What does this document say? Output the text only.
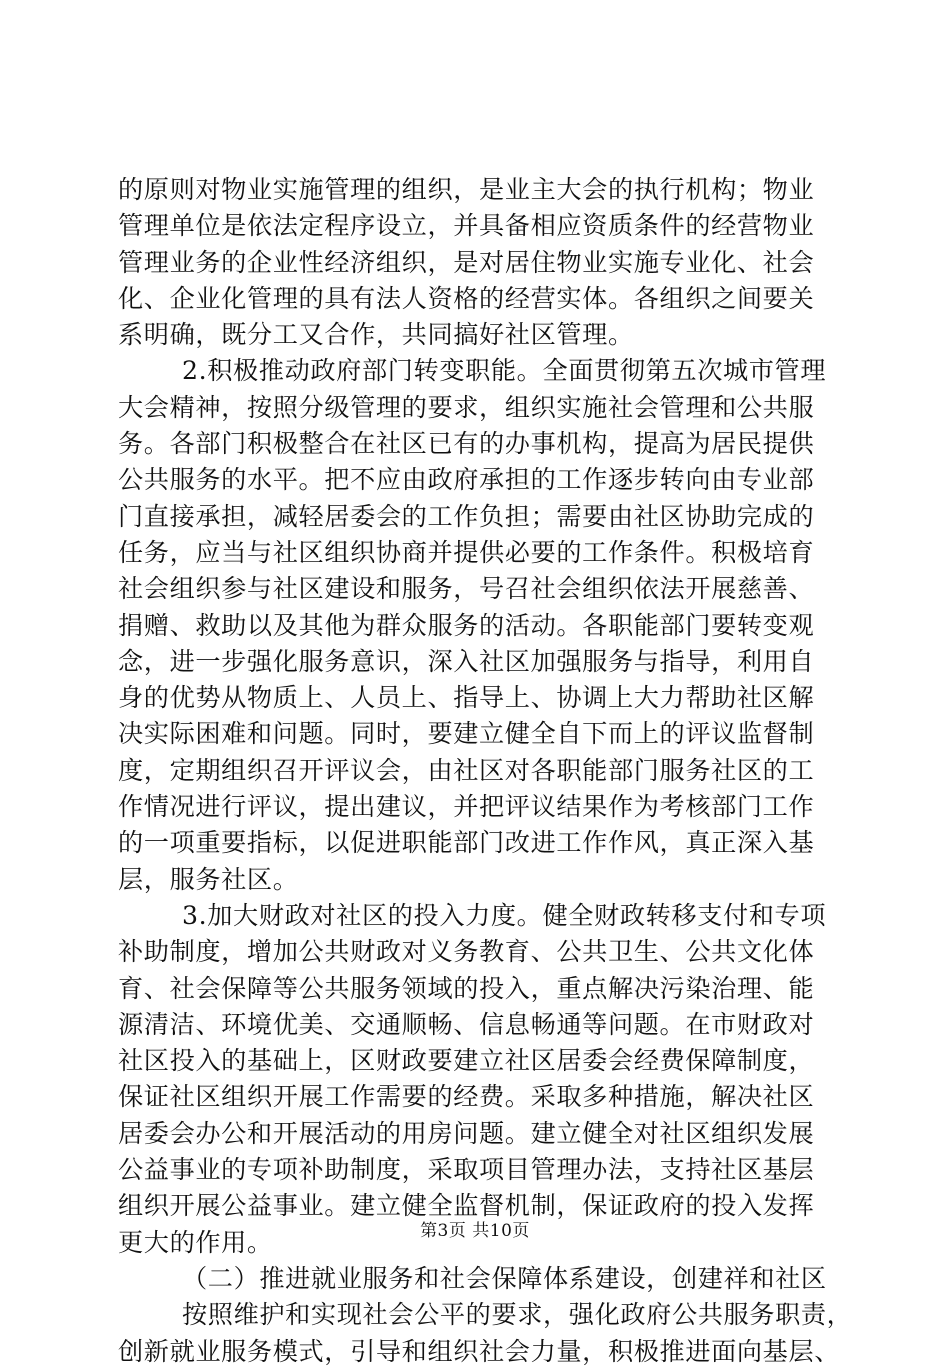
的原则对物业实施管理的组织，是业主大会的执行机构；物业
管理单位是依法定程序设立，并具备相应资质条件的经营物业
管理业务的企业性经济组织，是对居住物业实施专业化、社会
化、企业化管理的具有法人资格的经营实体。各组织之间要关
系明确，既分工又合作，共同搞好社区管理。
2.积极推动政府部门转变职能。全面贯彻第五次城市管理
大会精神，按照分级管理的要求，组织实施社会管理和公共服
务。各部门积极整合在社区已有的办事机构，提高为居民提供
公共服务的水平。把不应由政府承担的工作逐步转向由专业部
门直接承担，减轻居委会的工作负担；需要由社区协助完成的
任务，应当与社区组织协商并提供必要的工作条件。积极培育
社会组织参与社区建设和服务，号召社会组织依法开展慈善、
捐赠、救助以及其他为群众服务的活动。各职能部门要转变观
念，进一步强化服务意识，深入社区加强服务与指导，利用自
身的优势从物质上、人员上、指导上、协调上大力帮助社区解
决实际困难和问题。同时，要建立健全自下而上的评议监督制
度，定期组织召开评议会，由社区对各职能部门服务社区的工
作情况进行评议，提出建议，并把评议结果作为考核部门工作
的一项重要指标，以促进职能部门改进工作作风，真正深入基
层，服务社区。
3.加大财政对社区的投入力度。健全财政转移支付和专项
补助制度，增加公共财政对义务教育、公共卫生、公共文化体
育、社会保障等公共服务领域的投入，重点解决污染治理、能
源清洁、环境优美、交通顺畅、信息畅通等问题。在市财政对
社区投入的基础上，区财政要建立社区居委会经费保障制度，
保证社区组织开展工作需要的经费。采取多种措施，解决社区
居委会办公和开展活动的用房问题。建立健全对社区组织发展
公益事业的专项补助制度，采取项目管理办法，支持社区基层
组织开展公益事业。建立健全监督机制，保证政府的投入发挥
更大的作用。
（二）推进就业服务和社会保障体系建设，创建祥和社区
按照维护和实现社会公平的要求，强化政府公共服务职责，
创新就业服务模式，引导和组织社会力量，积极推进面向基层、
第3页 共10页
